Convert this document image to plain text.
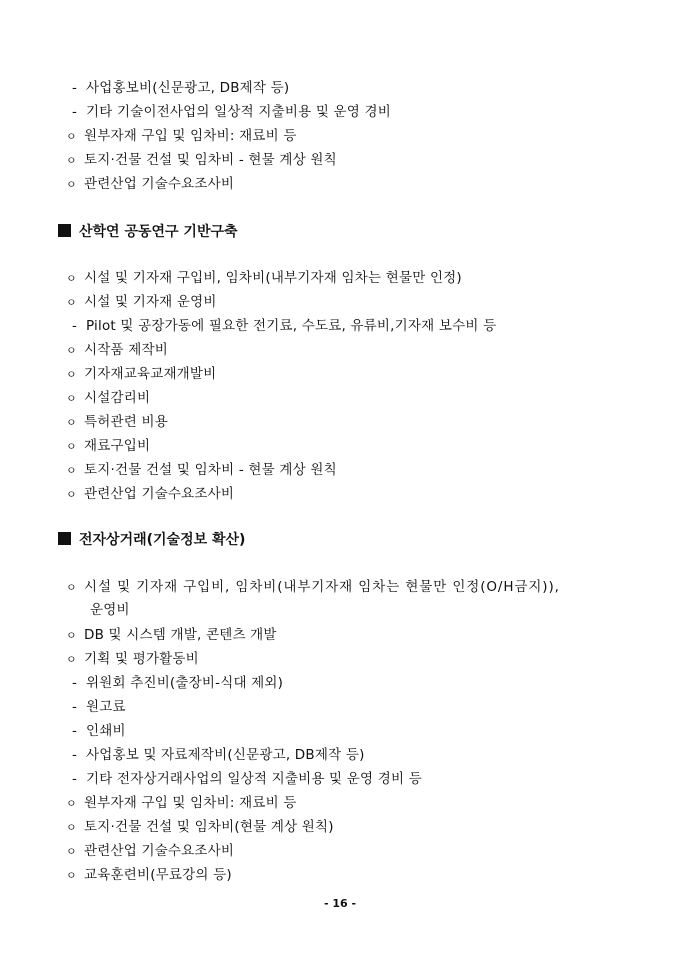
- 사업홍보비(신문광고, DB제작 등)
- 기타 기술이전사업의 일상적 지출비용 및 운영 경비
ㅇ 원부자재 구입 및 임차비: 재료비 등
ㅇ 토지·건물 건설 및 임차비 - 현물 계상 원칙
ㅇ 관련산업 기술수요조사비
산학연 공동연구 기반구축
ㅇ 시설 및 기자재 구입비, 임차비(내부기자재 임차는 현물만 인정)
ㅇ 시설 및 기자재 운영비
- Pilot 및 공장가동에 필요한 전기료, 수도료, 유류비,기자재 보수비 등
ㅇ 시작품 제작비
ㅇ 기자재교육교재개발비
ㅇ 시설감리비
ㅇ 특허관련 비용
ㅇ 재료구입비
ㅇ 토지·건물 건설 및 임차비 - 현물 계상 원칙
ㅇ 관련산업 기술수요조사비
전자상거래(기술정보 확산)
ㅇ 시설 및 기자재 구입비, 임차비(내부기자재 임차는 현물만 인정(O/H금지)),
운영비
ㅇ DB 및 시스템 개발, 콘텐츠 개발
ㅇ 기획 및 평가활동비
- 위원회 추진비(출장비-식대 제외)
- 원고료
- 인쇄비
- 사업홍보 및 자료제작비(신문광고, DB제작 등)
- 기타 전자상거래사업의 일상적 지출비용 및 운영 경비 등
ㅇ 원부자재 구입 및 임차비: 재료비 등
ㅇ 토지·건물 건설 및 임차비(현물 계상 원칙)
ㅇ 관련산업 기술수요조사비
ㅇ 교육훈련비(무료강의 등)
- 16 -
